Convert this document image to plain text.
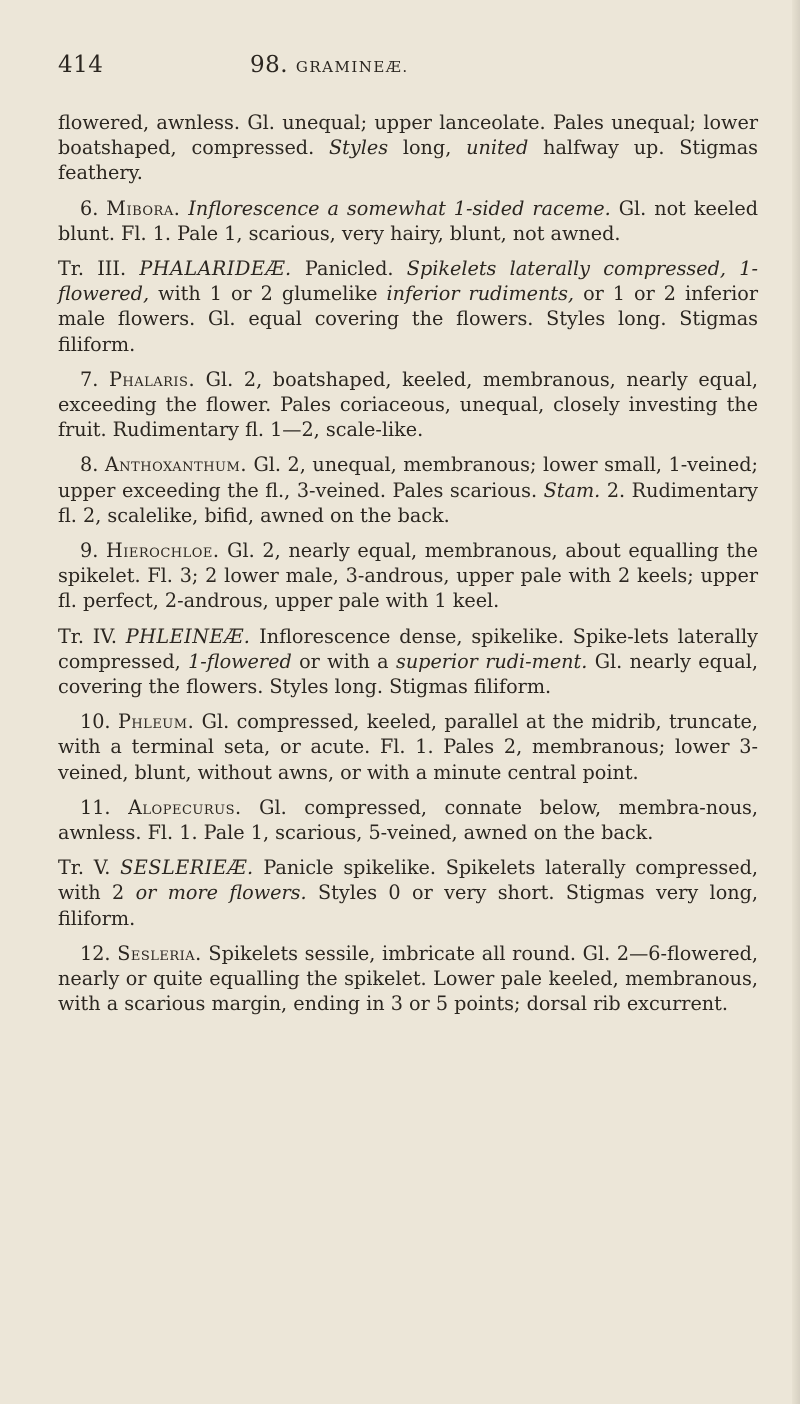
414	98. GRAMINEÆ.

flowered, awnless. Gl. unequal; upper lanceolate. Pales unequal; lower boatshaped, compressed. Styles long, united halfway up. Stigmas feathery.

6. Mibora. Inflorescence a somewhat 1-sided raceme. Gl. not keeled blunt. Fl. 1. Pale 1, scarious, very hairy, blunt, not awned.

Tr. III. PHALARIDEÆ. Panicled. Spikelets laterally compressed, 1-flowered, with 1 or 2 glumelike inferior rudiments, or 1 or 2 inferior male flowers. Gl. equal covering the flowers. Styles long. Stigmas filiform.

7. Phalaris. Gl. 2, boatshaped, keeled, membranous, nearly equal, exceeding the flower. Pales coriaceous, unequal, closely investing the fruit. Rudimentary fl. 1—2, scale-like.

8. Anthoxanthum. Gl. 2, unequal, membranous; lower small, 1-veined; upper exceeding the fl., 3-veined. Pales scarious. Stam. 2. Rudimentary fl. 2, scalelike, bifid, awned on the back.

9. Hierochloe. Gl. 2, nearly equal, membranous, about equalling the spikelet. Fl. 3; 2 lower male, 3-androus, upper pale with 2 keels; upper fl. perfect, 2-androus, upper pale with 1 keel.

Tr. IV. PHLEINEÆ. Inflorescence dense, spikelike. Spike-lets laterally compressed, 1-flowered or with a superior rudi-ment. Gl. nearly equal, covering the flowers. Styles long. Stigmas filiform.

10. Phleum. Gl. compressed, keeled, parallel at the midrib, truncate, with a terminal seta, or acute. Fl. 1. Pales 2, membranous; lower 3-veined, blunt, without awns, or with a minute central point.

11. Alopecurus. Gl. compressed, connate below, membra-nous, awnless. Fl. 1. Pale 1, scarious, 5-veined, awned on the back.

Tr. V. SESLERIEÆ. Panicle spikelike. Spikelets laterally compressed, with 2 or more flowers. Styles 0 or very short. Stigmas very long, filiform.

12. Sesleria. Spikelets sessile, imbricate all round. Gl. 2—6-flowered, nearly or quite equalling the spikelet. Lower pale keeled, membranous, with a scarious margin, ending in 3 or 5 points; dorsal rib excurrent.
